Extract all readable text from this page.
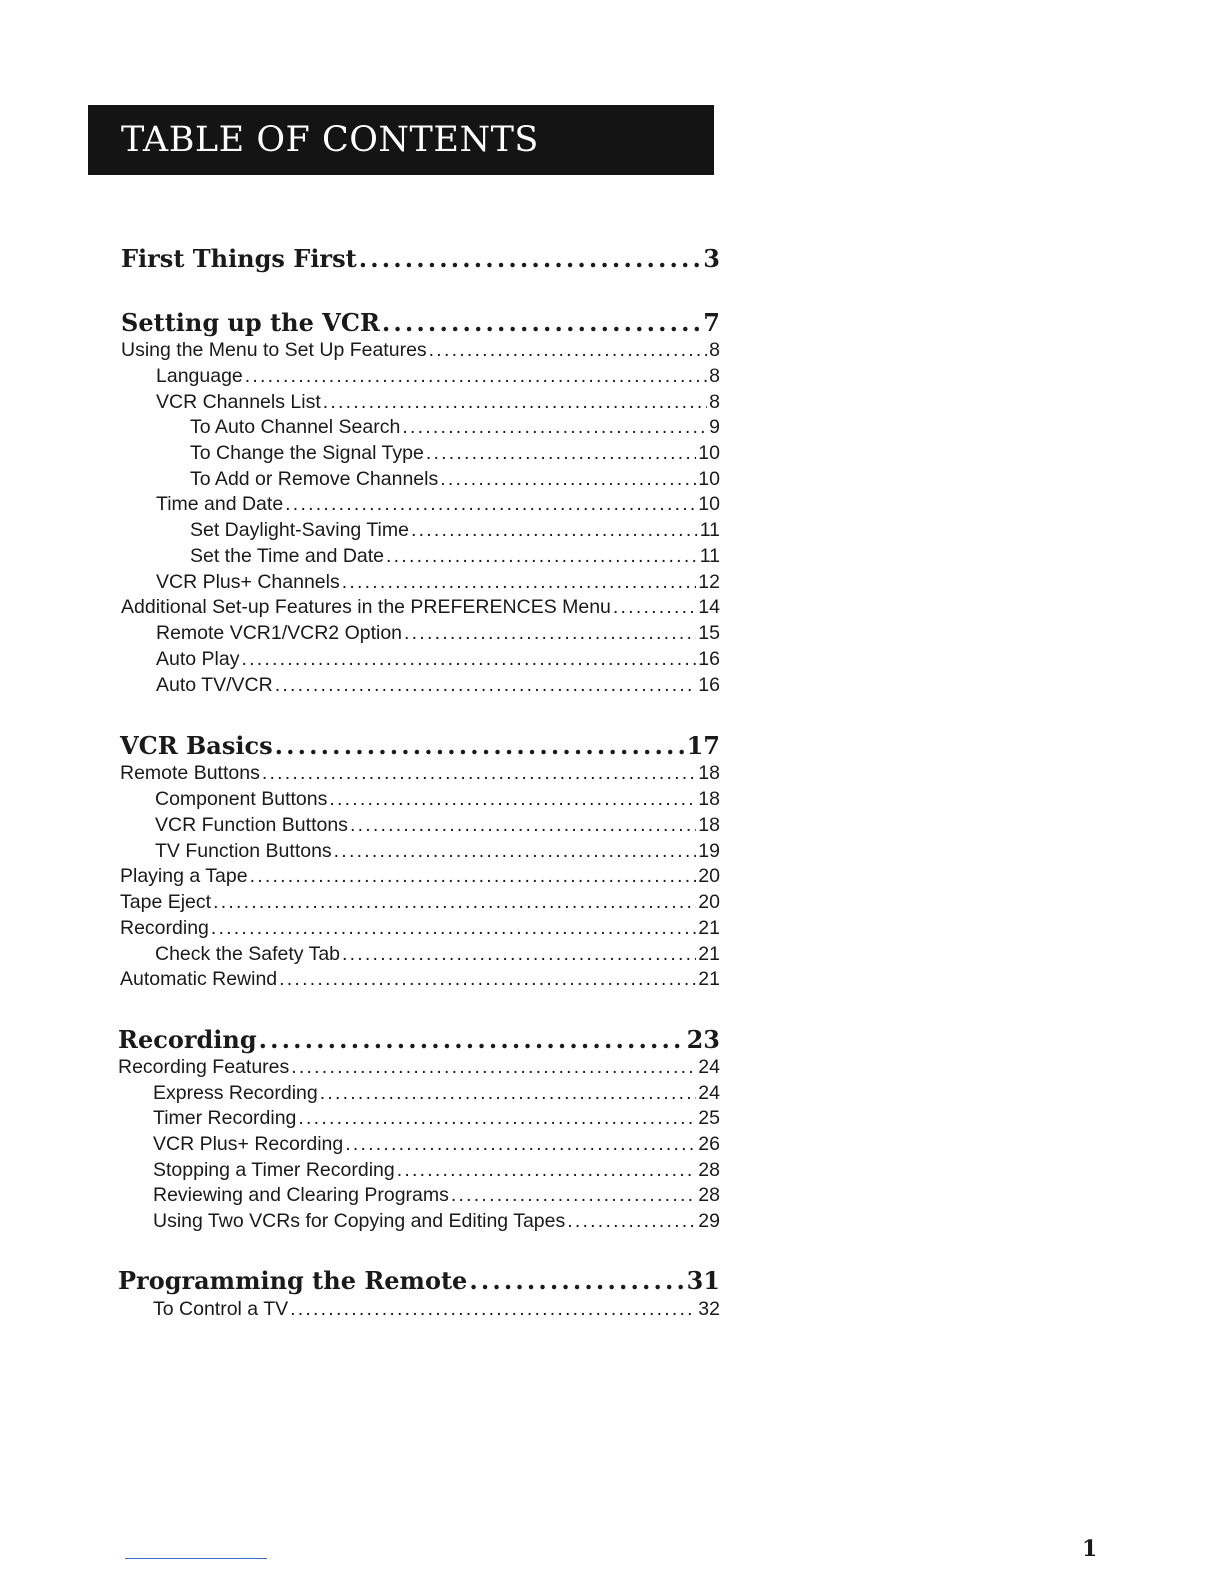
TABLE OF CONTENTS
First Things First . . .	3
Setting up the VCR . . .	7
Using the Menu to Set Up Features . . .	8
Language . . .	8
VCR Channels List . . .	8
To Auto Channel Search . . .	9
To Change the Signal Type . . .	10
To Add or Remove Channels . . .	10
Time and Date . . .	10
Set Daylight-Saving Time . . .	11
Set the Time and Date . . .	11
VCR Plus+ Channels . . .	12
Additional Set-up Features in the PREFERENCES Menu . . .	14
Remote VCR1/VCR2 Option . . .	15
Auto Play . . .	16
Auto TV/VCR . . .	16
VCR Basics . . .	17
Remote Buttons . . .	18
Component Buttons . . .	18
VCR Function Buttons . . .	18
TV Function Buttons . . .	19
Playing a Tape . . .	20
Tape Eject . . .	20
Recording . . .	21
Check the Safety Tab . . .	21
Automatic Rewind . . .	21
Recording . . .	23
Recording Features . . .	24
Express Recording . . .	24
Timer Recording . . .	25
VCR Plus+ Recording . . .	26
Stopping a Timer Recording . . .	28
Reviewing and Clearing Programs . . .	28
Using Two VCRs for Copying and Editing Tapes . . .	29
Programming the Remote . . .	31
To Control a TV . . .	32
1
